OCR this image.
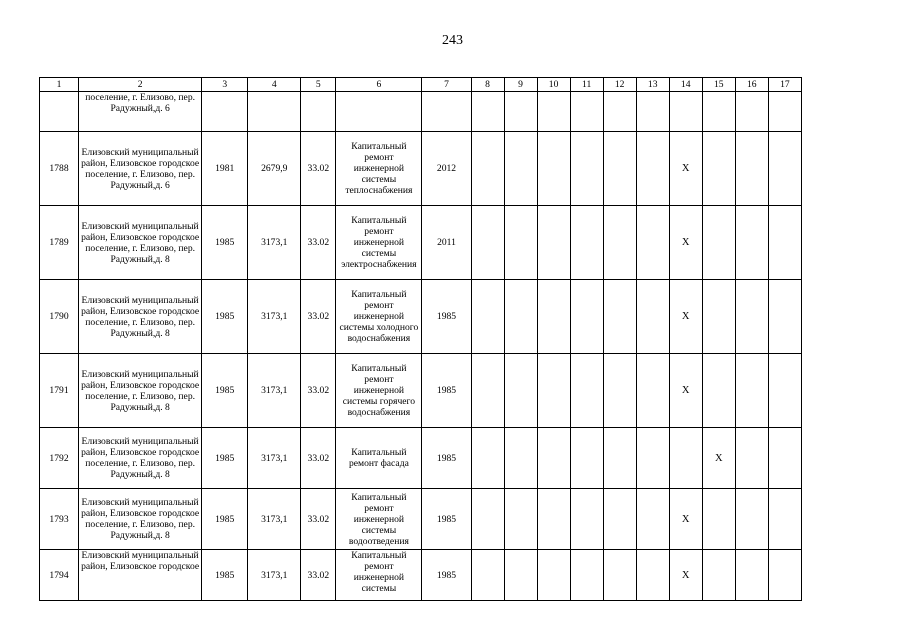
243
1	2	3	4	5	6	7	8	9	10	11	12	13	14	15	16	17
	поселение, г. Елизово, пер. Радужный,д. 6															
1788	Елизовский муниципальный район, Елизовское городское поселение, г. Елизово, пер. Радужный,д. 6	1981	2679,9	33.02	Капитальный ремонт инженерной системы теплоснабжения	2012							X			
1789	Елизовский муниципальный район, Елизовское городское поселение, г. Елизово, пер. Радужный,д. 8	1985	3173,1	33.02	Капитальный ремонт инженерной системы электроснабжения	2011							X			
1790	Елизовский муниципальный район, Елизовское городское поселение, г. Елизово, пер. Радужный,д. 8	1985	3173,1	33.02	Капитальный ремонт инженерной системы холодного водоснабжения	1985							X			
1791	Елизовский муниципальный район, Елизовское городское поселение, г. Елизово, пер. Радужный,д. 8	1985	3173,1	33.02	Капитальный ремонт инженерной системы горячего водоснабжения	1985							X			
1792	Елизовский муниципальный район, Елизовское городское поселение, г. Елизово, пер. Радужный,д. 8	1985	3173,1	33.02	Капитальный ремонт фасада	1985								X		
1793	Елизовский муниципальный район, Елизовское городское поселение, г. Елизово, пер. Радужный,д. 8	1985	3173,1	33.02	Капитальный ремонт инженерной системы водоотведения	1985							X			
1794	Елизовский муниципальный район, Елизовское городское	1985	3173,1	33.02	Капитальный ремонт инженерной системы	1985							X			
